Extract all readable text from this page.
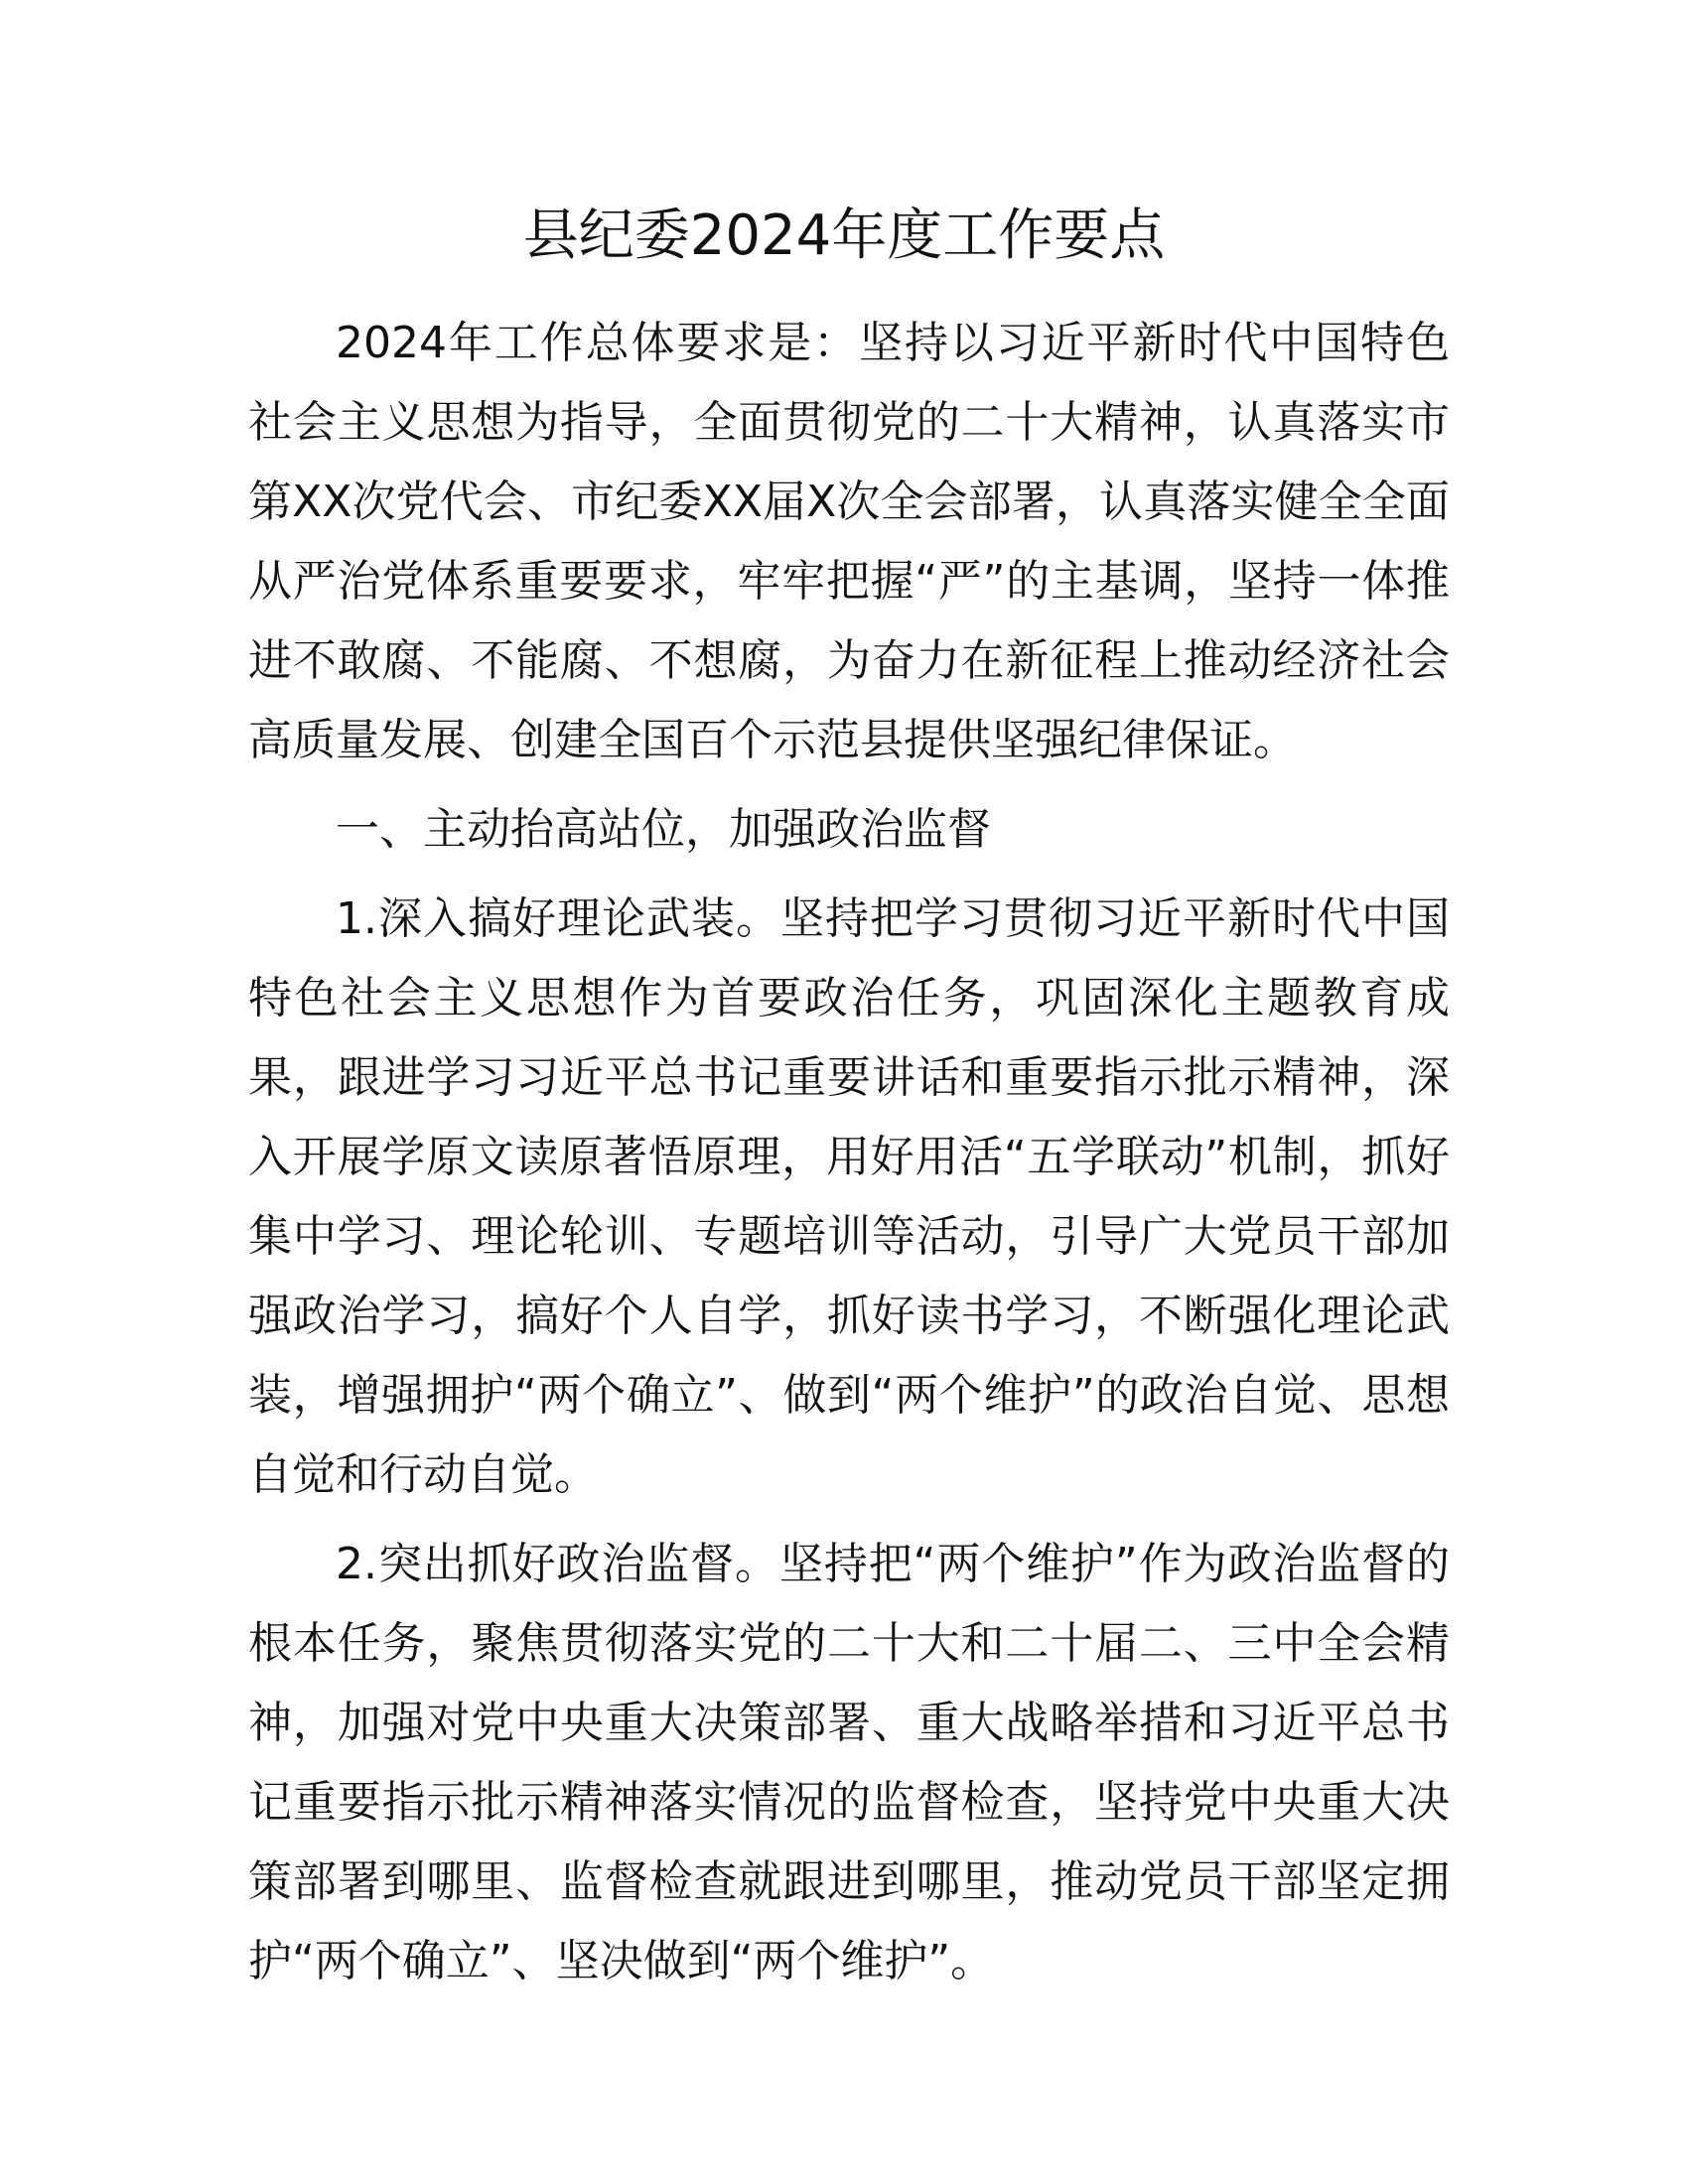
县纪委2024年度工作要点

2024年工作总体要求是：坚持以习近平新时代中国特色社会主义思想为指导，全面贯彻党的二十大精神，认真落实市第XX次党代会、市纪委XX届X次全会部署，认真落实健全全面从严治党体系重要要求，牢牢把握“严”的主基调，坚持一体推进不敢腐、不能腐、不想腐，为奋力在新征程上推动经济社会高质量发展、创建全国百个示范县提供坚强纪律保证。

一、主动抬高站位，加强政治监督

1.深入搞好理论武装。坚持把学习贯彻习近平新时代中国特色社会主义思想作为首要政治任务，巩固深化主题教育成果，跟进学习习近平总书记重要讲话和重要指示批示精神，深入开展学原文读原著悟原理，用好用活“五学联动”机制，抓好集中学习、理论轮训、专题培训等活动，引导广大党员干部加强政治学习，搞好个人自学，抓好读书学习，不断强化理论武装，增强拥护“两个确立”、做到“两个维护”的政治自觉、思想自觉和行动自觉。

2.突出抓好政治监督。坚持把“两个维护”作为政治监督的根本任务，聚焦贯彻落实党的二十大和二十届二、三中全会精神，加强对党中央重大决策部署、重大战略举措和习近平总书记重要指示批示精神落实情况的监督检查，坚持党中央重大决策部署到哪里、监督检查就跟进到哪里，推动党员干部坚定拥护“两个确立”、坚决做到“两个维护”。
